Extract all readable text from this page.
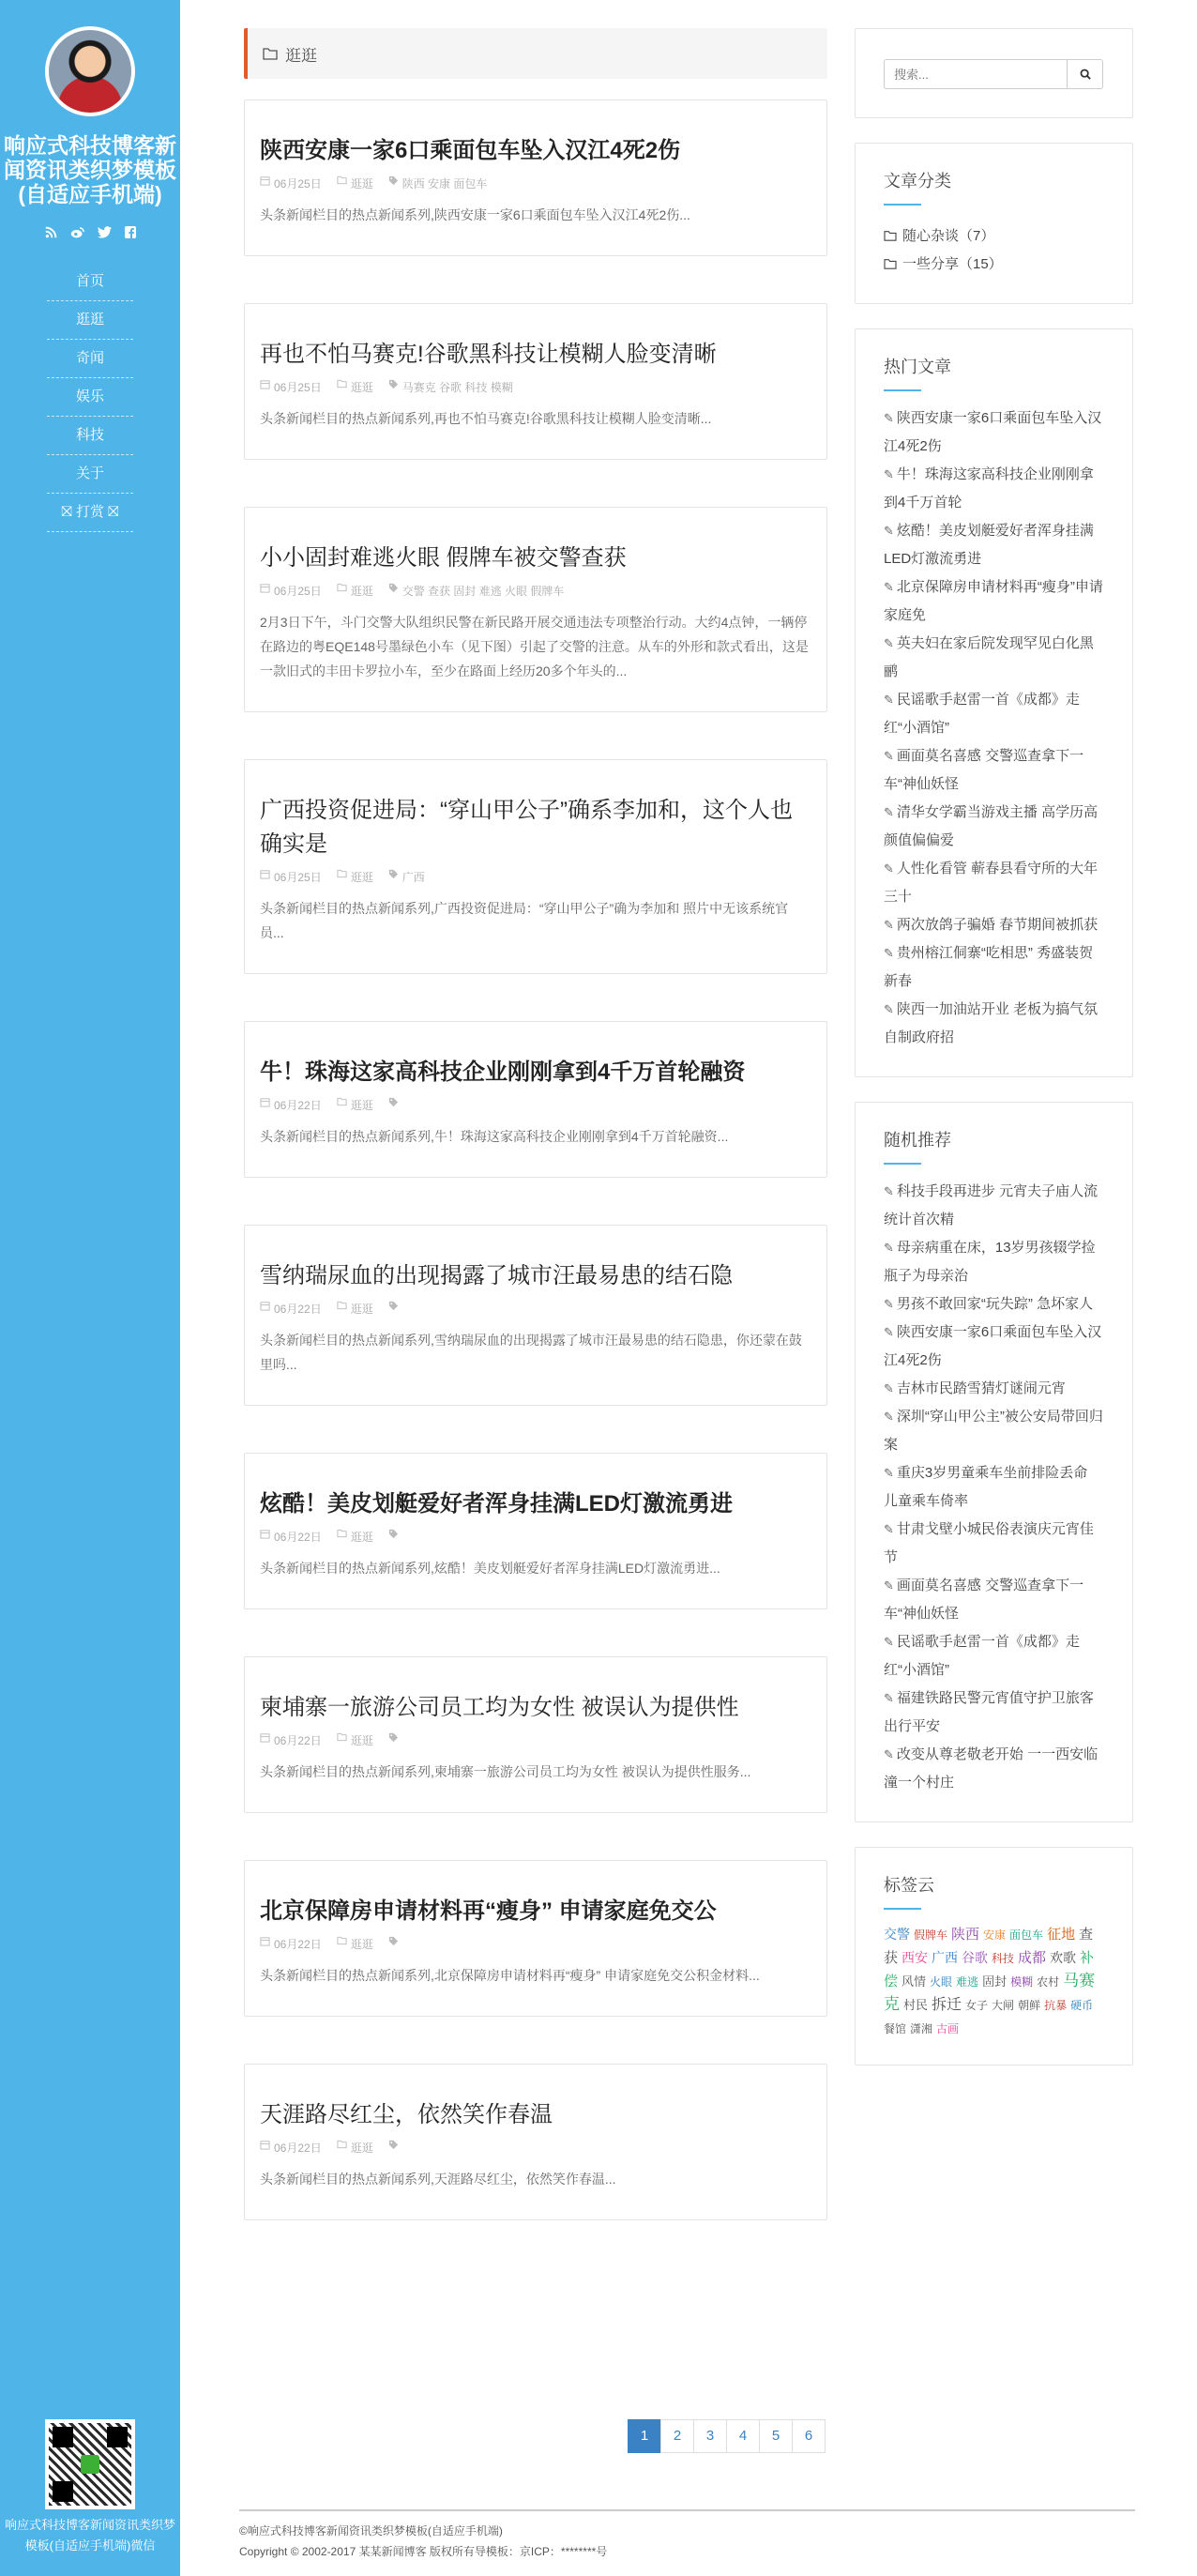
响应式科技博客新闻资讯类织梦模板(自适应手机端)
首页
逛逛
奇闻
娱乐
科技
关于
⛝ 打赏 ⛝
响应式科技博客新闻资讯类织梦模板(自适应手机端)微信
逛逛
陕西安康一家6口乘面包车坠入汉江4死2伤
06月25日	逛逛	陕西 安康 面包车

头条新闻栏目的热点新闻系列,陕西安康一家6口乘面包车坠入汉江4死2伤...

再也不怕马赛克!谷歌黑科技让模糊人脸变清晰
06月25日	逛逛	马赛克 谷歌 科技 模糊

头条新闻栏目的热点新闻系列,再也不怕马赛克!谷歌黑科技让模糊人脸变清晰...

小小固封难逃火眼 假牌车被交警查获
06月25日	逛逛	交警 查获 固封 难逃 火眼 假牌车

2月3日下午，斗门交警大队组织民警在新民路开展交通违法专项整治行动。大约4点钟，一辆停在路边的粤EQE148号墨绿色小车（见下图）引起了交警的注意。从车的外形和款式看出，这是一款旧式的丰田卡罗拉小车，至少在路面上经历20多个年头的...

广西投资促进局：“穿山甲公子”确系李加和，这个人也确实是
06月25日	逛逛	广西

头条新闻栏目的热点新闻系列,广西投资促进局：“穿山甲公子”确为李加和 照片中无该系统官员...

牛！珠海这家高科技企业刚刚拿到4千万首轮融资
06月22日	逛逛

头条新闻栏目的热点新闻系列,牛！珠海这家高科技企业刚刚拿到4千万首轮融资...

雪纳瑞尿血的出现揭露了城市汪最易患的结石隐
06月22日	逛逛

头条新闻栏目的热点新闻系列,雪纳瑞尿血的出现揭露了城市汪最易患的结石隐患，你还蒙在鼓里吗...

炫酷！美皮划艇爱好者浑身挂满LED灯激流勇进
06月22日	逛逛

头条新闻栏目的热点新闻系列,炫酷！美皮划艇爱好者浑身挂满LED灯激流勇进...

柬埔寨一旅游公司员工均为女性 被误认为提供性
06月22日	逛逛

头条新闻栏目的热点新闻系列,柬埔寨一旅游公司员工均为女性 被误认为提供性服务...

北京保障房申请材料再“瘦身” 申请家庭免交公
06月22日	逛逛

头条新闻栏目的热点新闻系列,北京保障房申请材料再“瘦身” 申请家庭免交公积金材料...

天涯路尽红尘，依然笑作春温
06月22日	逛逛

头条新闻栏目的热点新闻系列,天涯路尽红尘，依然笑作春温...

1	2	3	4	5	6
搜索...
文章分类
随心杂谈（7）
一些分享（15）
热门文章
✎ 陕西安康一家6口乘面包车坠入汉江4死2伤
✎ 牛！珠海这家高科技企业刚刚拿到4千万首轮
✎ 炫酷！美皮划艇爱好者浑身挂满LED灯激流勇进
✎ 北京保障房申请材料再“瘦身”申请家庭免
✎ 英夫妇在家后院发现罕见白化黑鹂
✎ 民谣歌手赵雷一首《成都》走红“小酒馆”
✎ 画面莫名喜感 交警巡查拿下一车“神仙妖怪
✎ 清华女学霸当游戏主播 高学历高颜值偏偏爱
✎ 人性化看管 蕲春县看守所的大年三十
✎ 两次放鸽子骗婚 春节期间被抓获
✎ 贵州榕江侗寨“吃相思” 秀盛装贺新春
✎ 陕西一加油站开业 老板为搞气氛自制政府招
随机推荐
✎ 科技手段再进步 元宵夫子庙人流统计首次精
✎ 母亲病重在床，13岁男孩辍学捡瓶子为母亲治
✎ 男孩不敢回家“玩失踪” 急坏家人
✎ 陕西安康一家6口乘面包车坠入汉江4死2伤
✎ 吉林市民踏雪猜灯谜闹元宵
✎ 深圳“穿山甲公主”被公安局带回归案
✎ 重庆3岁男童乘车坐前排险丢命 儿童乘车倚率
✎ 甘肃戈壁小城民俗表演庆元宵佳节
✎ 画面莫名喜感 交警巡查拿下一车“神仙妖怪
✎ 民谣歌手赵雷一首《成都》走红“小酒馆”
✎ 福建铁路民警元宵值守护卫旅客出行平安
✎ 改变从尊老敬老开始 一一西安临潼一个村庄
标签云
交警 假牌车 陕西 安康 面包车 征地 查获 西安 广西 谷歌 科技 成都 欢歌 补偿 风情 火眼 难逃 固封 模糊 农村 马赛克 村民 拆迁 女子 大闸 朝鲜 抗暴 硬币餐馆 潇湘 古画
©响应式科技博客新闻资讯类织梦模板(自适应手机端)
Copyright © 2002-2017 某某新闻博客 版权所有导模板：京ICP：********号
